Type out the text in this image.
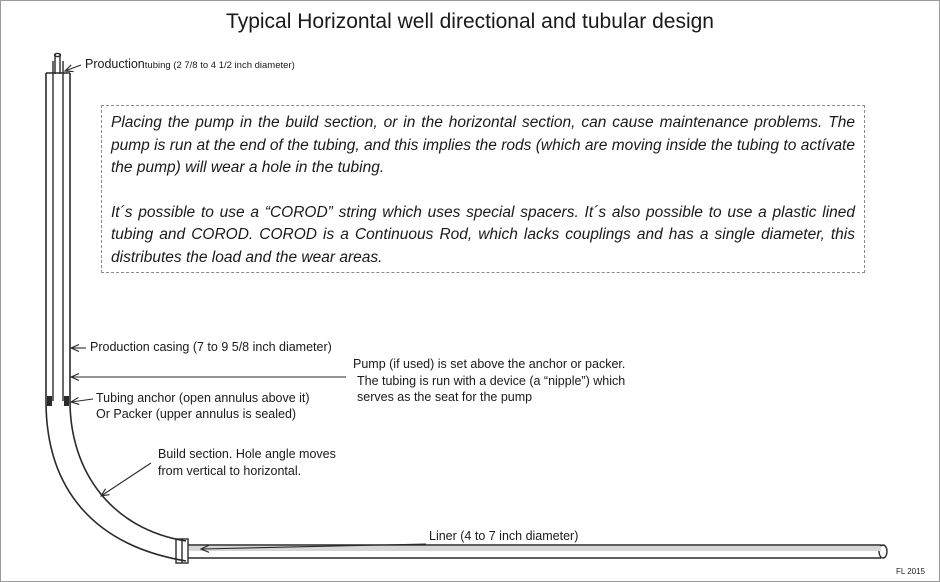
Typical Horizontal well directional and tubular design
Productiontubing (2 7/8 to 4 1/2 inch diameter)

Placing the pump in the build section, or in the horizontal section, can cause maintenance problems. The pump is run at the end of the tubing, and this implies the rods (which are moving inside the tubing to actívate the pump) will wear a hole in the tubing.

It´s possible to use a “COROD” string which uses special spacers. It´s also possible to use a plastic lined tubing and COROD. COROD is a Continuous Rod, which lacks couplings and has a single diameter, this distributes the load and the wear areas.

Production casing (7 to 9 5/8 inch diameter)
Pump (if used) is set above the anchor or packer.
The tubing is run with a device (a “nipple”) which
serves as the seat for the pump
Tubing anchor (open annulus above it)
Or Packer (upper annulus is sealed)
Build section. Hole angle moves
from vertical to horizontal.
Liner (4 to 7 inch diameter)
FL 2015
